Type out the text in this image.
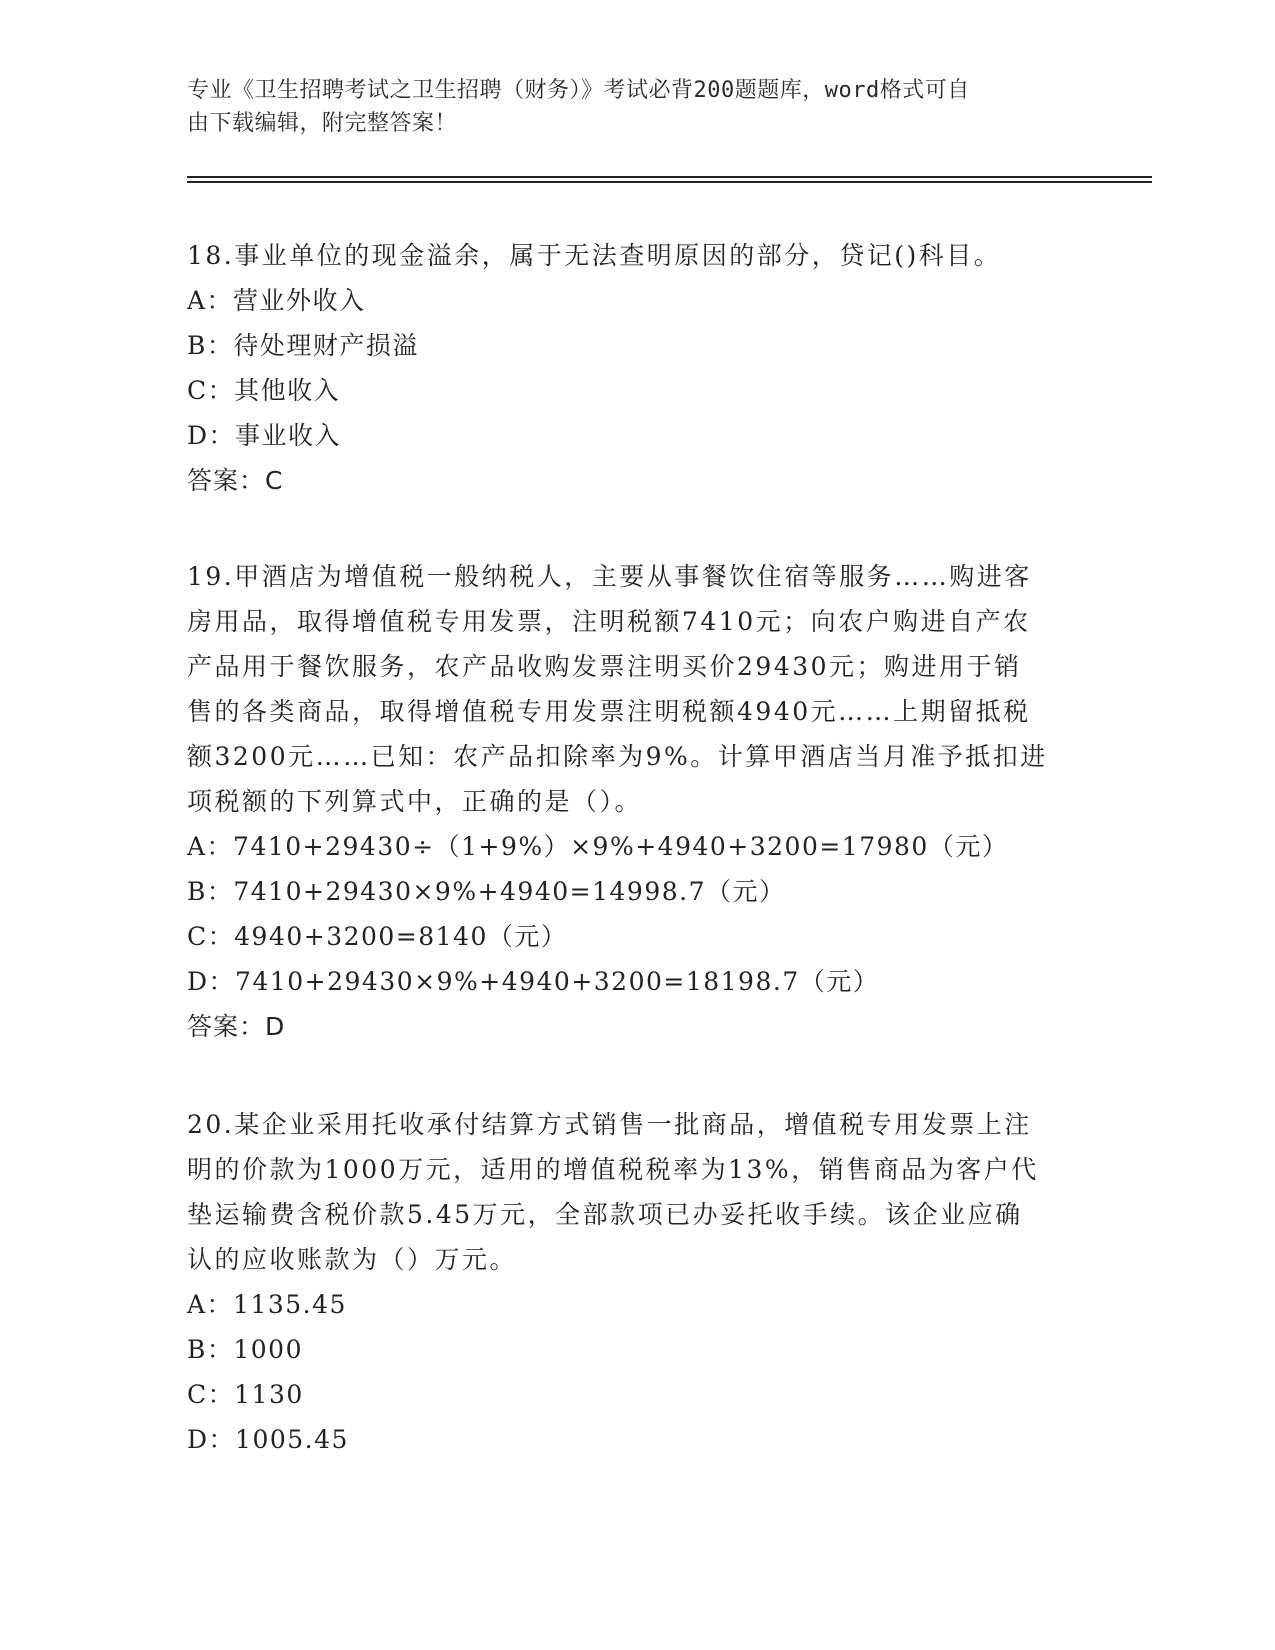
专业《卫生招聘考试之卫生招聘（财务）》考试必背200题题库，word格式可自
由下载编辑，附完整答案！

18.事业单位的现金溢余，属于无法查明原因的部分，贷记()科目。

A：营业外收入

B：待处理财产损溢

C：其他收入

D：事业收入

答案：C

19.甲酒店为增值税一般纳税人，主要从事餐饮住宿等服务……购进客

房用品，取得增值税专用发票，注明税额7410元；向农户购进自产农

产品用于餐饮服务，农产品收购发票注明买价29430元；购进用于销

售的各类商品，取得增值税专用发票注明税额4940元……上期留抵税

额3200元……已知：农产品扣除率为9%。计算甲酒店当月准予抵扣进

项税额的下列算式中，正确的是（）。

A：7410+29430÷（1+9%）×9%+4940+3200=17980（元）

B：7410+29430×9%+4940=14998.7（元）

C：4940+3200=8140（元）

D：7410+29430×9%+4940+3200=18198.7（元）

答案：D

20.某企业采用托收承付结算方式销售一批商品，增值税专用发票上注

明的价款为1000万元，适用的增值税税率为13%，销售商品为客户代

垫运输费含税价款5.45万元，全部款项已办妥托收手续。该企业应确

认的应收账款为（）万元。

A：1135.45

B：1000

C：1130

D：1005.45
